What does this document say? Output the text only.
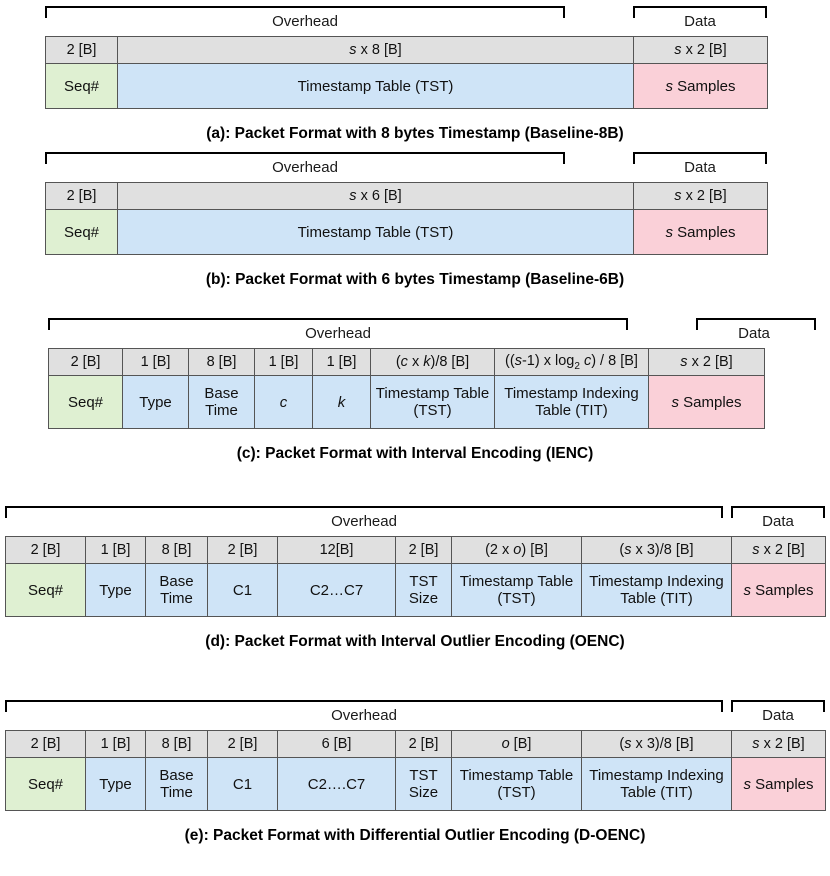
Overhead	Data
2 [B]	s x 8 [B]	s x 2 [B]
Seq#	Timestamp Table (TST)	s Samples
(a): Packet Format with 8 bytes Timestamp (Baseline-8B)
Overhead	Data
2 [B]	s x 6 [B]	s x 2 [B]
Seq#	Timestamp Table (TST)	s Samples
(b): Packet Format with 6 bytes Timestamp (Baseline-6B)
Overhead	Data
2 [B]	1 [B]	8 [B]	1 [B]	1 [B]	(c x k)/8 [B]	((s-1) x $\log_2 c) / 8$ [B]	s x 2 [B]
Seq#	Type	Base Time	c	k	Timestamp Table (TST)	Timestamp Indexing Table (TIT)	s Samples
(c): Packet Format with Interval Encoding (IENC)
Overhead	Data
2 [B]	1 [B]	8 [B]	2 [B]	12[B]	2 [B]	(2 x o) [B]	(s x 3)/8 [B]	s x 2 [B]
Seq#	Type	Base Time	C1	C2…C7	TST Size	Timestamp Table (TST)	Timestamp Indexing Table (TIT)	s Samples
(d): Packet Format with Interval Outlier Encoding (OENC)
Overhead	Data
2 [B]	1 [B]	8 [B]	2 [B]	6 [B]	2 [B]	o [B]	(s x 3)/8 [B]	s x 2 [B]
Seq#	Type	Base Time	C1	C2….C7	TST Size	Timestamp Table (TST)	Timestamp Indexing Table (TIT)	s Samples
(e): Packet Format with Differential Outlier Encoding (D-OENC)
